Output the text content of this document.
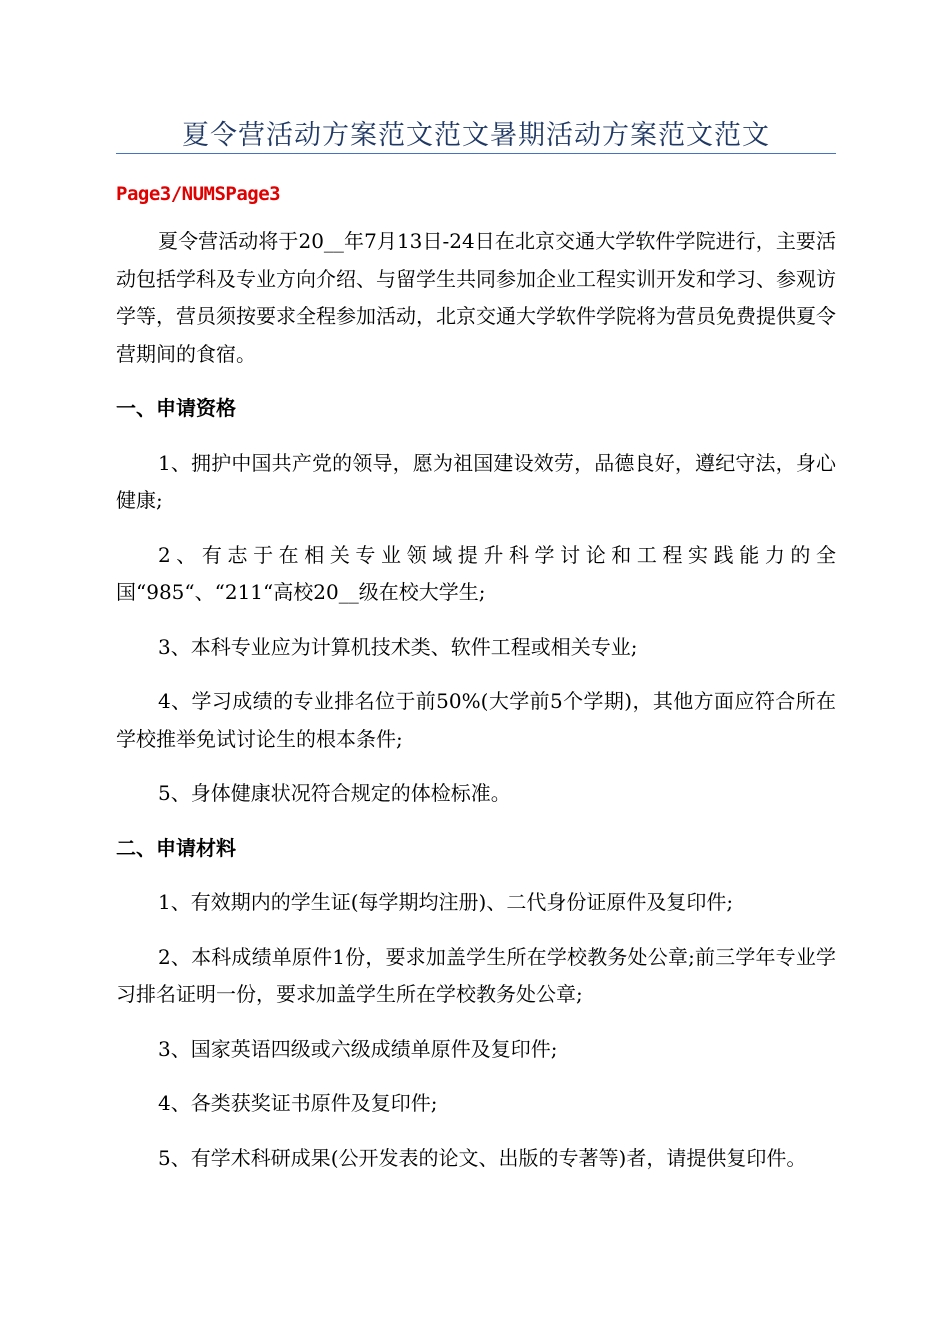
夏令营活动方案范文范文暑期活动方案范文范文
Page3/NUMSPage3

夏令营活动将于20__年7月13日-24日在北京交通大学软件学院进行，主要活动包括学科及专业方向介绍、与留学生共同参加企业工程实训开发和学习、参观访学等，营员须按要求全程参加活动，北京交通大学软件学院将为营员免费提供夏令营期间的食宿。

一、申请资格

1、拥护中国共产党的领导，愿为祖国建设效劳，品德良好，遵纪守法，身心健康;

2、有志于在相关专业领域提升科学讨论和工程实践能力的全国“985“、“211“高校20__级在校大学生;

3、本科专业应为计算机技术类、软件工程或相关专业;

4、学习成绩的专业排名位于前50%(大学前5个学期)，其他方面应符合所在学校推举免试讨论生的根本条件;

5、身体健康状况符合规定的体检标准。

二、申请材料

1、有效期内的学生证(每学期均注册)、二代身份证原件及复印件;

2、本科成绩单原件1份，要求加盖学生所在学校教务处公章;前三学年专业学习排名证明一份，要求加盖学生所在学校教务处公章;

3、国家英语四级或六级成绩单原件及复印件;

4、各类获奖证书原件及复印件;

5、有学术科研成果(公开发表的论文、出版的专著等)者，请提供复印件。
